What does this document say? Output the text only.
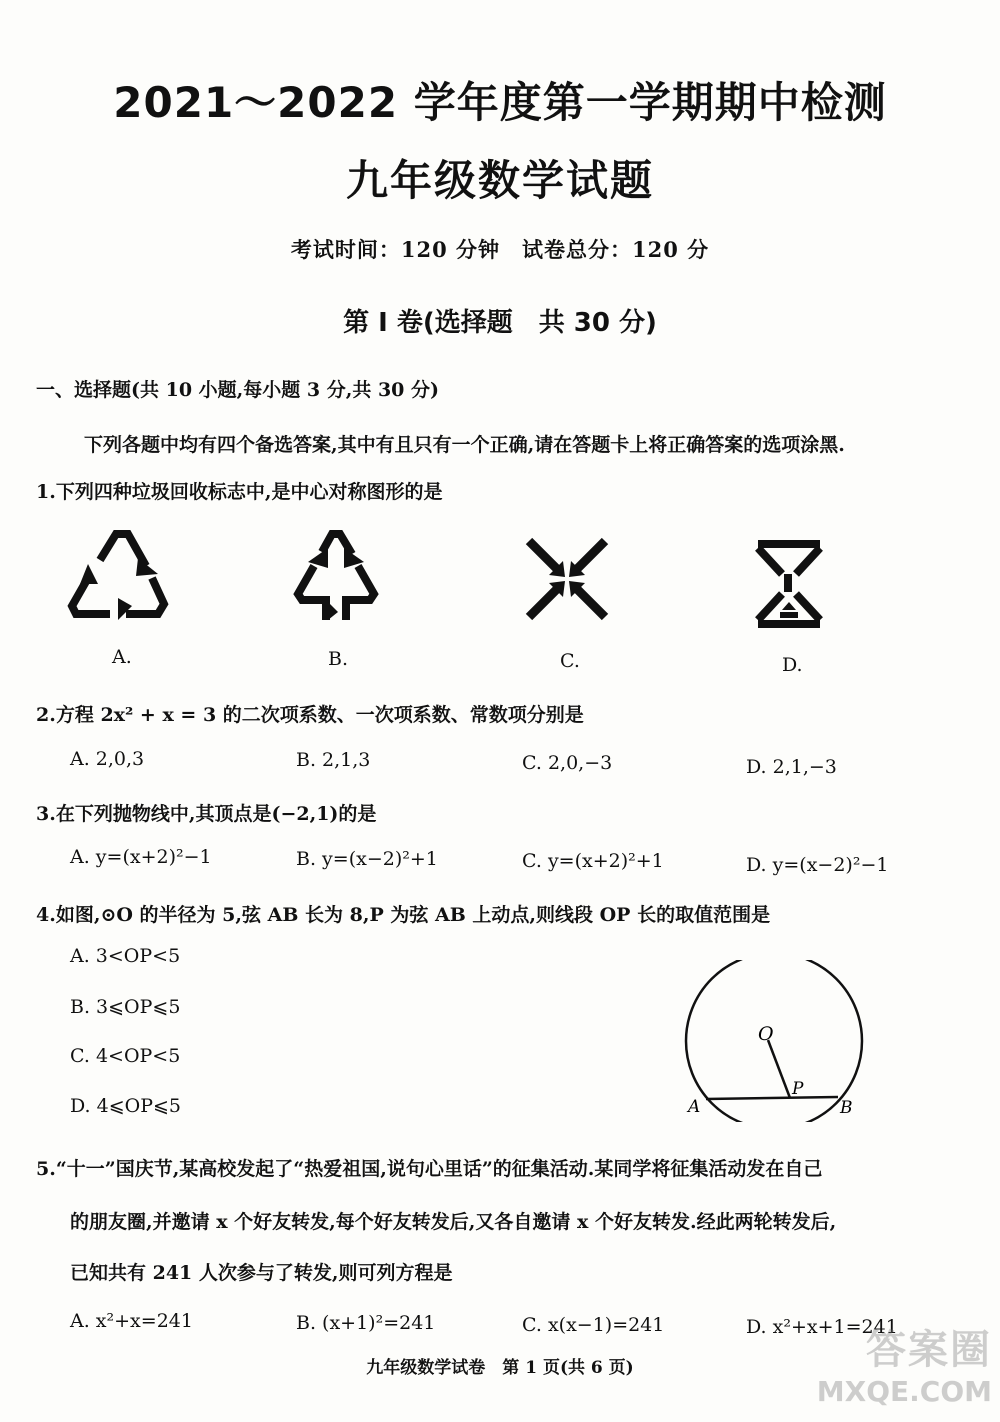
2021～2022 学年度第一学期期中检测
九年级数学试题
考试时间：120 分钟　试卷总分：120 分
第 I 卷(选择题　共 30 分)
一、选择题(共 10 小题,每小题 3 分,共 30 分)
下列各题中均有四个备选答案,其中有且只有一个正确,请在答题卡上将正确答案的选项涂黑.
1.下列四种垃圾回收标志中,是中心对称图形的是
A.	B.	C.	D.
2.方程 2x² + x = 3 的二次项系数、一次项系数、常数项分别是
A. 2,0,3	B. 2,1,3	C. 2,0,−3	D. 2,1,−3
3.在下列抛物线中,其顶点是(−2,1)的是
A. y=(x+2)²−1	B. y=(x−2)²+1	C. y=(x+2)²+1	D. y=(x−2)²−1
4.如图,⊙O 的半径为 5,弦 AB 长为 8,P 为弦 AB 上动点,则线段 OP 长的取值范围是
A. 3<OP<5
B. 3⩽OP⩽5
C. 4<OP<5
D. 4⩽OP⩽5
O
P
A	B
5.“十一”国庆节,某高校发起了“热爱祖国,说句心里话”的征集活动.某同学将征集活动发在自己
的朋友圈,并邀请 x 个好友转发,每个好友转发后,又各自邀请 x 个好友转发.经此两轮转发后,
已知共有 241 人次参与了转发,则可列方程是
A. x²+x=241	B. (x+1)²=241	C. x(x−1)=241	D. x²+x+1=241
九年级数学试卷　第 1 页(共 6 页)	答案圈
MXQE.COM
